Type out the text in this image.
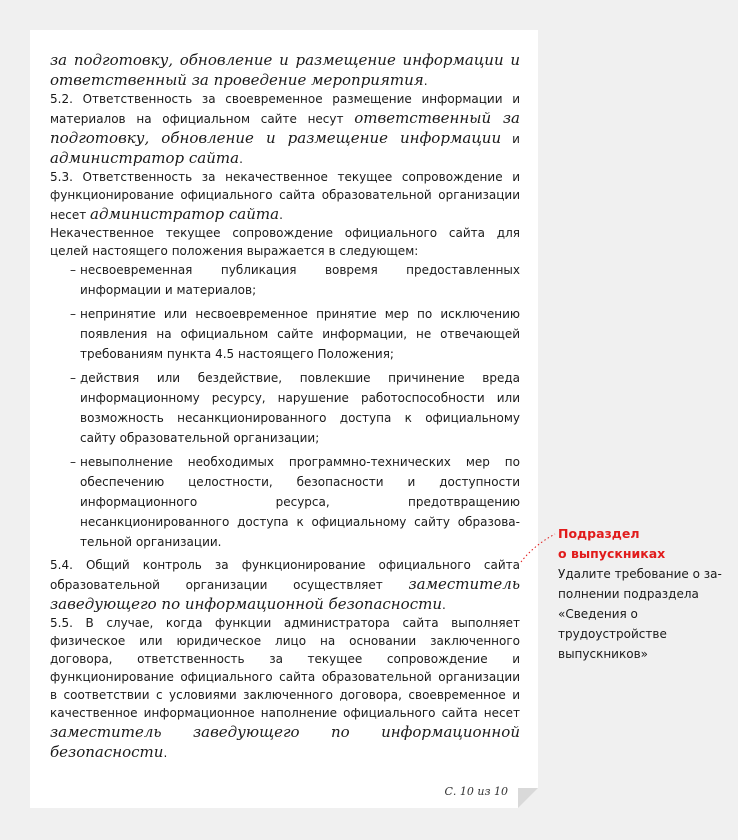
за подготовку, обновление и размещение информации и ответственный за проведение мероприятия.

5.2. Ответственность за своевременное размещение информации и материалов на официальном сайте несут ответственный за подготовку, обновление и размещение информации и администратор сайта.

5.3. Ответственность за некачественное текущее сопровождение и функционирование официального сайта образовательной организации несет администратор сайта.

Некачественное текущее сопровождение официального сайта для целей настоящего положения выражается в следующем:

– несвоевременная публикация вовремя предоставленных информации и материалов;
– непринятие или несвоевременное принятие мер по исключению появления на официальном сайте информации, не отвечающей требованиям пункта 4.5 настоящего Положения;
– действия или бездействие, повлекшие причинение вреда информационному ресурсу, нарушение работоспособности или возможность несанкционированного доступа к официальному сайту образовательной организации;
– невыполнение необходимых программно-технических мер по обеспечению целостности, безопасности и доступности информационного ресурса, предотвращению несанкционированного доступа к официальному сайту образовательной организации.

5.4. Общий контроль за функционирование официального сайта образовательной организации осуществляет заместитель заведующего по информационной безопасности.

5.5. В случае, когда функции администратора сайта выполняет физическое или юридическое лицо на основании заключенного договора, ответственность за текущее сопровождение и функционирование официального сайта образовательной организации в соответствии с условиями заключенного договора, своевременное и качественное информационное наполнение официального сайта несет заместитель заведующего по информационной безопасности.

С. 10 из 10
Подраздел
о выпускниках
Удалите требование о заполнении подраздела «Сведения о трудоустройстве выпускников»
